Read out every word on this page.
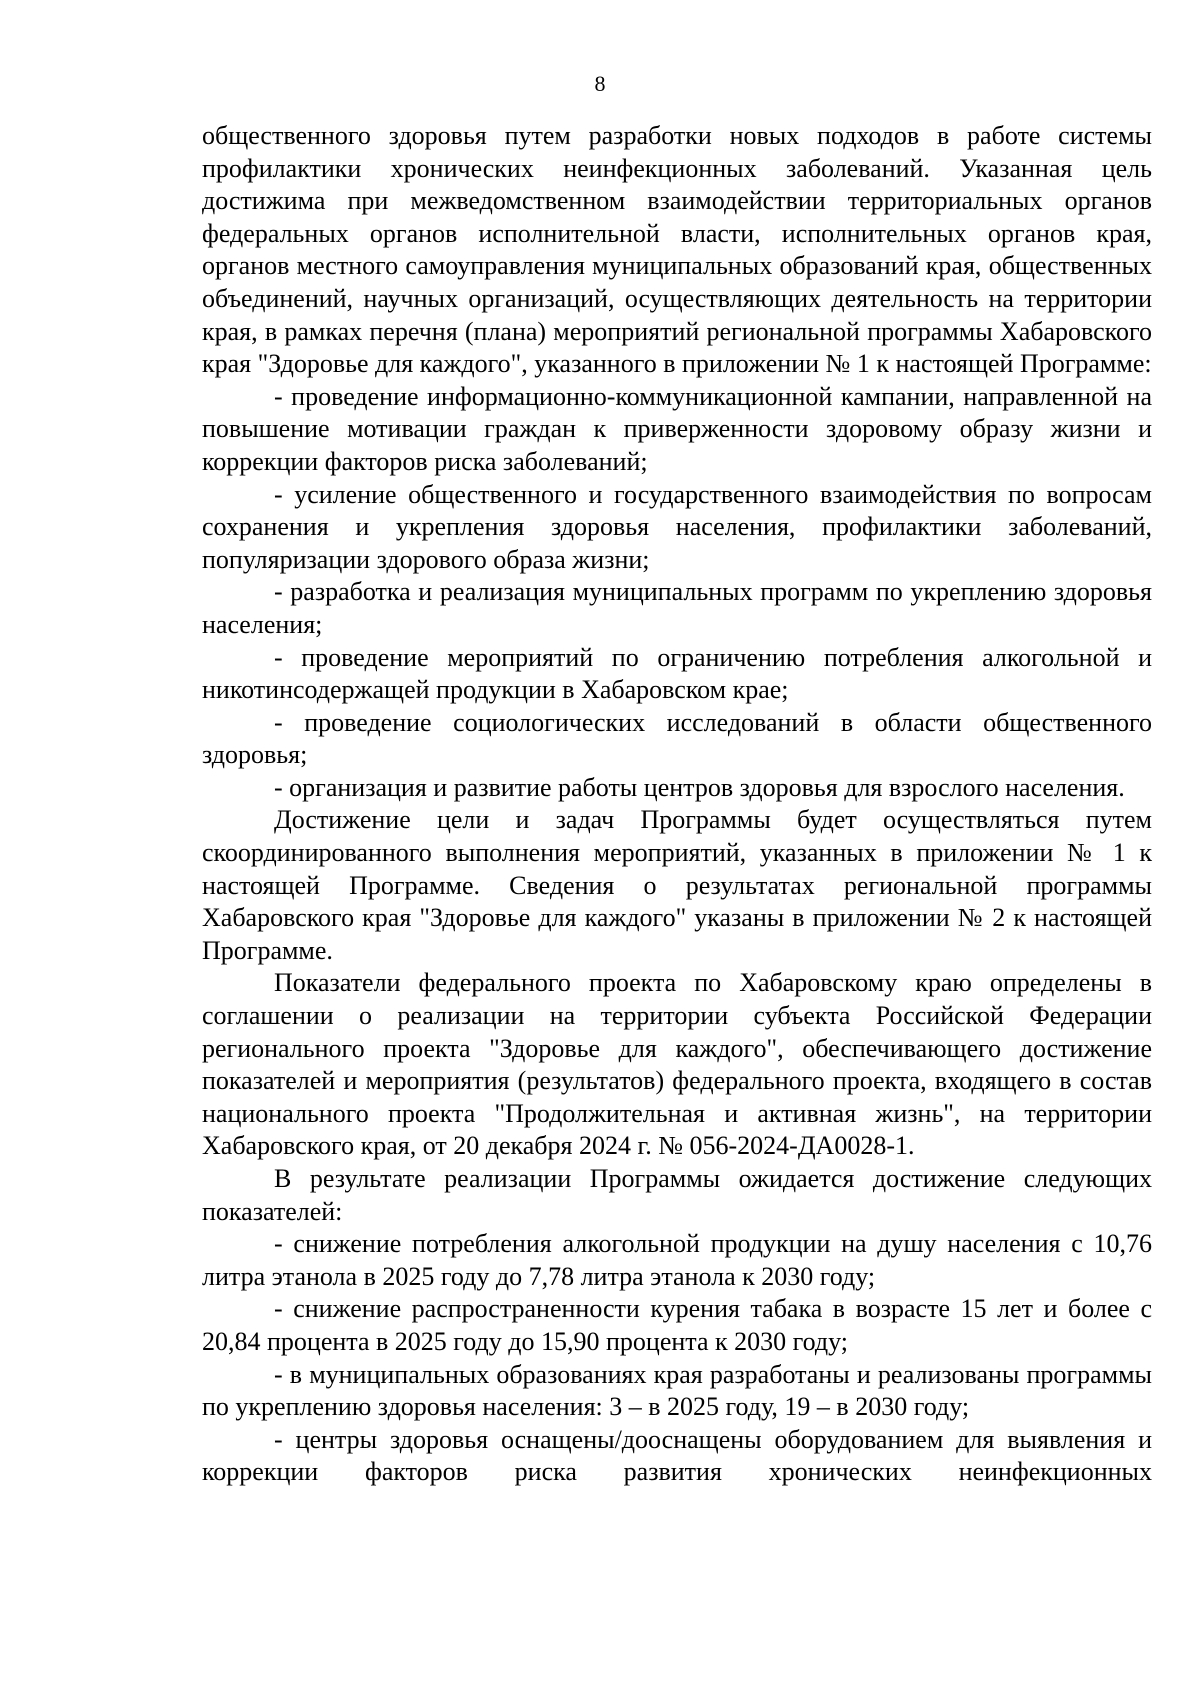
8

общественного здоровья путем разработки новых подходов в работе системы профилактики хронических неинфекционных заболеваний. Указанная цель достижима при межведомственном взаимодействии территориальных органов федеральных органов исполнительной власти, исполнительных органов края, органов местного самоуправления муниципальных образований края, общественных объединений, научных организаций, осуществляющих деятельность на территории края, в рамках перечня (плана) мероприятий региональной программы Хабаровского края "Здоровье для каждого", указанного в приложении № 1 к настоящей Программе:

- проведение информационно-коммуникационной кампании, направленной на повышение мотивации граждан к приверженности здоровому образу жизни и коррекции факторов риска заболеваний;

- усиление общественного и государственного взаимодействия по вопросам сохранения и укрепления здоровья населения, профилактики заболеваний, популяризации здорового образа жизни;

- разработка и реализация муниципальных программ по укреплению здоровья населения;

- проведение мероприятий по ограничению потребления алкогольной и никотинсодержащей продукции в Хабаровском крае;

- проведение социологических исследований в области общественного здоровья;

- организация и развитие работы центров здоровья для взрослого населения.

Достижение цели и задач Программы будет осуществляться путем скоординированного выполнения мероприятий, указанных в приложении № 1 к настоящей Программе. Сведения о результатах региональной программы Хабаровского края "Здоровье для каждого" указаны в приложении № 2 к настоящей Программе.

Показатели федерального проекта по Хабаровскому краю определены в соглашении о реализации на территории субъекта Российской Федерации регионального проекта "Здоровье для каждого", обеспечивающего достижение показателей и мероприятия (результатов) федерального проекта, входящего в состав национального проекта "Продолжительная и активная жизнь", на территории Хабаровского края, от 20 декабря 2024 г. № 056-2024-ДА0028-1.

В результате реализации Программы ожидается достижение следующих показателей:

- снижение потребления алкогольной продукции на душу населения с 10,76 литра этанола в 2025 году до 7,78 литра этанола к 2030 году;

- снижение распространенности курения табака в возрасте 15 лет и более с 20,84 процента в 2025 году до 15,90 процента к 2030 году;

- в муниципальных образованиях края разработаны и реализованы программы по укреплению здоровья населения: 3 – в 2025 году, 19 – в 2030 году;

- центры здоровья оснащены/дооснащены оборудованием для выявления и коррекции факторов риска развития хронических неинфекционных
